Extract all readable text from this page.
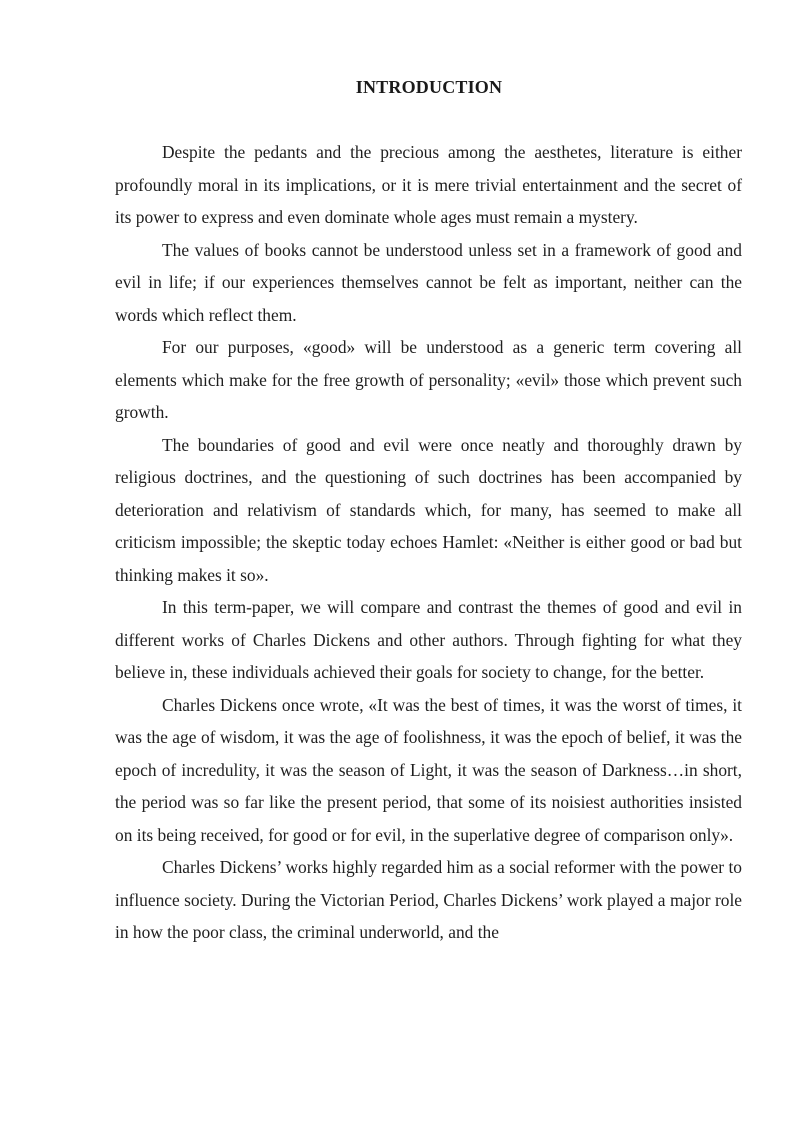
INTRODUCTION

Despite the pedants and the precious among the aesthetes, literature is either profoundly moral in its implications, or it is mere trivial entertainment and the secret of its power to express and even dominate whole ages must remain a mystery.

The values of books cannot be understood unless set in a framework of good and evil in life; if our experiences themselves cannot be felt as important, neither can the words which reflect them.

For our purposes, «good» will be understood as a generic term covering all elements which make for the free growth of personality; «evil» those which prevent such growth.

The boundaries of good and evil were once neatly and thoroughly drawn by religious doctrines, and the questioning of such doctrines has been accompanied by deterioration and relativism of standards which, for many, has seemed to make all criticism impossible; the skeptic today echoes Hamlet: «Neither is either good or bad but thinking makes it so».

In this term-paper, we will compare and contrast the themes of good and evil in different works of Charles Dickens and other authors. Through fighting for what they believe in, these individuals achieved their goals for society to change, for the better.

Charles Dickens once wrote, «It was the best of times, it was the worst of times, it was the age of wisdom, it was the age of foolishness, it was the epoch of belief, it was the epoch of incredulity, it was the season of Light, it was the season of Darkness…in short, the period was so far like the present period, that some of its noisiest authorities insisted on its being received, for good or for evil, in the superlative degree of comparison only».

Charles Dickens’ works highly regarded him as a social reformer with the power to influence society. During the Victorian Period, Charles Dickens’ work played a major role in how the poor class, the criminal underworld, and the
